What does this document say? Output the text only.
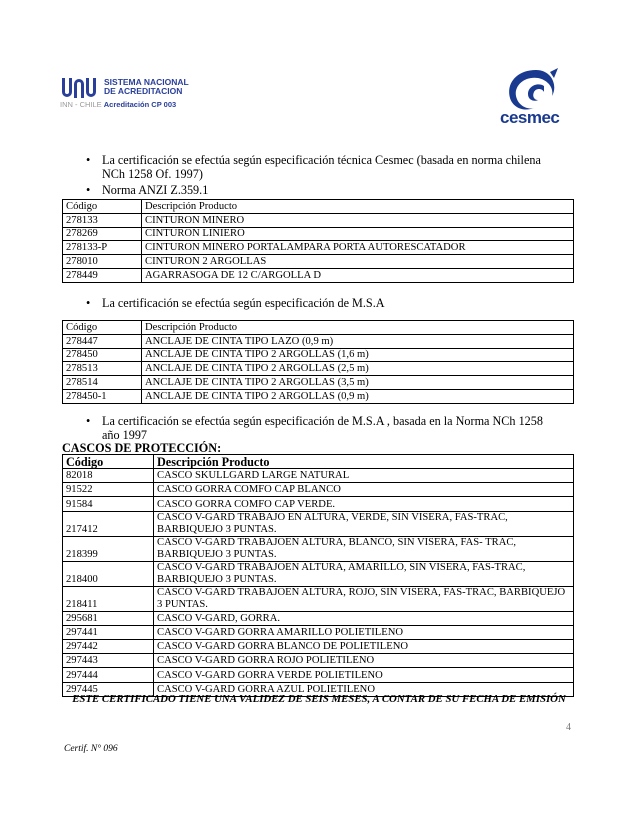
SISTEMA NACIONAL
DE ACREDITACION
INN - CHILE Acreditación CP 003
cesmec
• La certificación se efectúa según especificación técnica Cesmec (basada en norma chilena NCh 1258 Of. 1997)
• Norma ANZI Z.359.1
Código	Descripción Producto
278133	CINTURON MINERO
278269	CINTURON LINIERO
278133-P	CINTURON MINERO PORTALAMPARA PORTA AUTORESCATADOR
278010	CINTURON 2 ARGOLLAS
278449	AGARRASOGA DE 12 C/ARGOLLA D
• La certificación se efectúa según especificación de M.S.A
Código	Descripción Producto
278447	ANCLAJE DE CINTA TIPO LAZO (0,9 m)
278450	ANCLAJE DE CINTA TIPO 2 ARGOLLAS (1,6 m)
278513	ANCLAJE DE CINTA TIPO 2 ARGOLLAS (2,5 m)
278514	ANCLAJE DE CINTA TIPO 2 ARGOLLAS (3,5 m)
278450-1	ANCLAJE DE CINTA TIPO 2 ARGOLLAS (0,9 m)
• La certificación se efectúa según especificación de M.S.A , basada en la Norma NCh 1258 año 1997
CASCOS DE PROTECCIÓN:
Código	Descripción Producto
82018	CASCO SKULLGARD LARGE NATURAL
91522	CASCO GORRA COMFO CAP BLANCO
91584	CASCO GORRA COMFO CAP VERDE.
217412	CASCO V-GARD TRABAJO EN ALTURA, VERDE, SIN VISERA, FAS-TRAC, BARBIQUEJO 3 PUNTAS.
218399	CASCO V-GARD TRABAJOEN ALTURA, BLANCO, SIN VISERA, FAS- TRAC, BARBIQUEJO 3 PUNTAS.
218400	CASCO V-GARD TRABAJOEN ALTURA, AMARILLO, SIN VISERA, FAS-TRAC, BARBIQUEJO 3 PUNTAS.
218411	CASCO V-GARD TRABAJOEN ALTURA, ROJO, SIN VISERA, FAS-TRAC, BARBIQUEJO 3 PUNTAS.
295681	CASCO V-GARD, GORRA.
297441	CASCO V-GARD GORRA AMARILLO POLIETILENO
297442	CASCO V-GARD GORRA BLANCO DE POLIETILENO
297443	CASCO V-GARD GORRA ROJO POLIETILENO
297444	CASCO V-GARD GORRA VERDE POLIETILENO
297445	CASCO V-GARD GORRA AZUL POLIETILENO
ESTE CERTIFICADO TIENE UNA VALIDEZ DE SEIS MESES, A CONTAR DE SU FECHA DE EMISIÓN
4
Certif. N° 096
